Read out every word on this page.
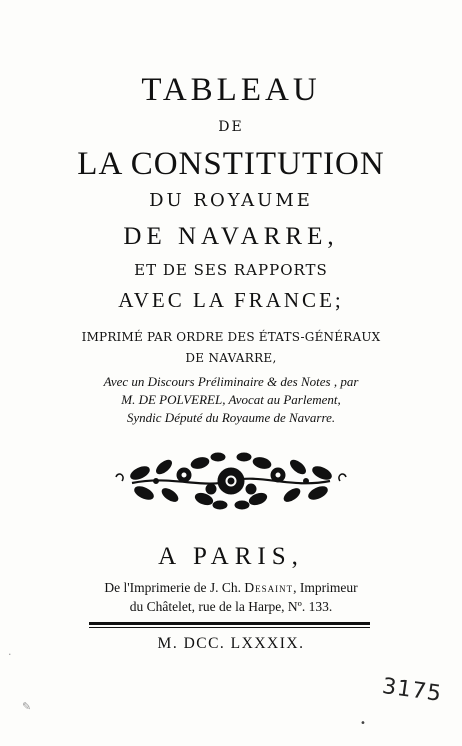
TABLEAU
DE
LA CONSTITUTION
DU ROYAUME
DE NAVARRE,
ET DE SES RAPPORTS
AVEC LA FRANCE;
IMPRIMÉ PAR ORDRE DES ÉTATS-GÉNÉRAUX
DE NAVARRE,
Avec un Discours Préliminaire & des Notes , par
M. DE POLVEREL, Avocat au Parlement,
Syndic Député du Royaume de Navarre.
A PARIS,
De l'Imprimerie de J. Ch. Desaint, Imprimeur
du Châtelet, rue de la Harpe, Nº. 133.
M. DCC. LXXXIX.
3175
✎
·
•
